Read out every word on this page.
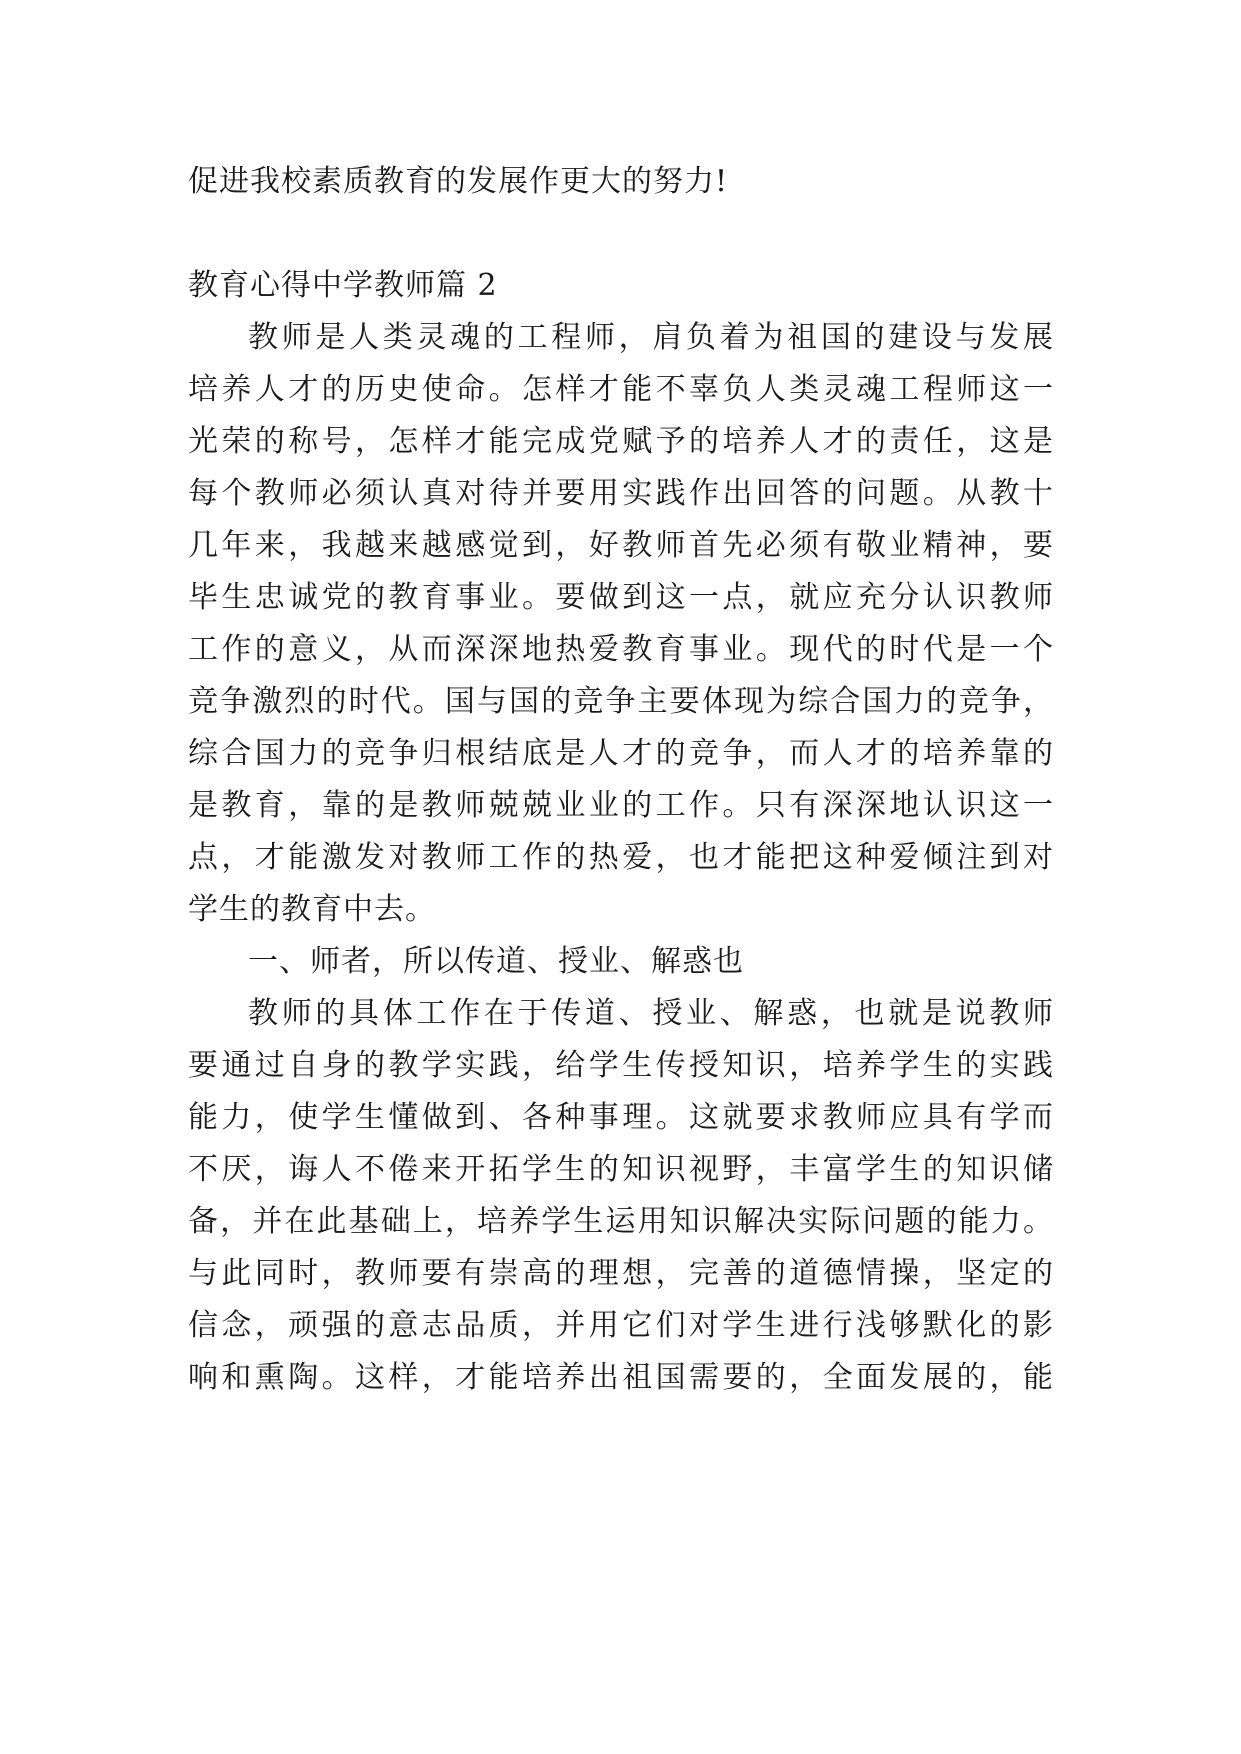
促进我校素质教育的发展作更大的努力!
教育心得中学教师篇 2
教师是人类灵魂的工程师，肩负着为祖国的建设与发展
培养人才的历史使命。怎样才能不辜负人类灵魂工程师这一
光荣的称号，怎样才能完成党赋予的培养人才的责任，这是
每个教师必须认真对待并要用实践作出回答的问题。从教十
几年来，我越来越感觉到，好教师首先必须有敬业精神，要
毕生忠诚党的教育事业。要做到这一点，就应充分认识教师
工作的意义，从而深深地热爱教育事业。现代的时代是一个
竞争激烈的时代。国与国的竞争主要体现为综合国力的竞争，
综合国力的竞争归根结底是人才的竞争，而人才的培养靠的
是教育，靠的是教师兢兢业业的工作。只有深深地认识这一
点，才能激发对教师工作的热爱，也才能把这种爱倾注到对
学生的教育中去。
一、师者，所以传道、授业、解惑也
教师的具体工作在于传道、授业、解惑，也就是说教师
要通过自身的教学实践，给学生传授知识，培养学生的实践
能力，使学生懂做到、各种事理。这就要求教师应具有学而
不厌，诲人不倦来开拓学生的知识视野，丰富学生的知识储
备，并在此基础上，培养学生运用知识解决实际问题的能力。
与此同时，教师要有崇高的理想，完善的道德情操，坚定的
信念，顽强的意志品质，并用它们对学生进行浅够默化的影
响和熏陶。这样，才能培养出祖国需要的，全面发展的，能
